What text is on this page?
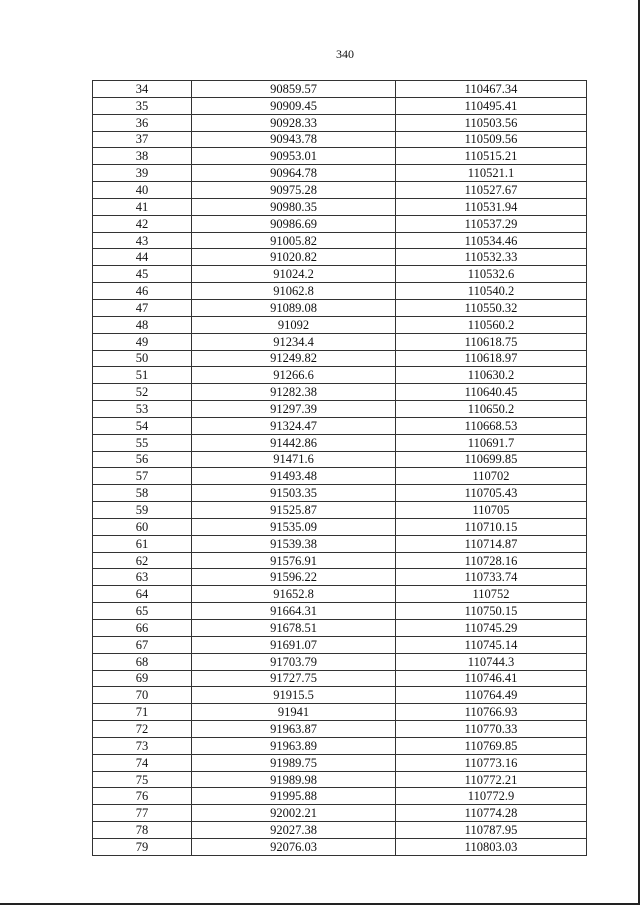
340
34	90859.57	110467.34
35	90909.45	110495.41
36	90928.33	110503.56
37	90943.78	110509.56
38	90953.01	110515.21
39	90964.78	110521.1
40	90975.28	110527.67
41	90980.35	110531.94
42	90986.69	110537.29
43	91005.82	110534.46
44	91020.82	110532.33
45	91024.2	110532.6
46	91062.8	110540.2
47	91089.08	110550.32
48	91092	110560.2
49	91234.4	110618.75
50	91249.82	110618.97
51	91266.6	110630.2
52	91282.38	110640.45
53	91297.39	110650.2
54	91324.47	110668.53
55	91442.86	110691.7
56	91471.6	110699.85
57	91493.48	110702
58	91503.35	110705.43
59	91525.87	110705
60	91535.09	110710.15
61	91539.38	110714.87
62	91576.91	110728.16
63	91596.22	110733.74
64	91652.8	110752
65	91664.31	110750.15
66	91678.51	110745.29
67	91691.07	110745.14
68	91703.79	110744.3
69	91727.75	110746.41
70	91915.5	110764.49
71	91941	110766.93
72	91963.87	110770.33
73	91963.89	110769.85
74	91989.75	110773.16
75	91989.98	110772.21
76	91995.88	110772.9
77	92002.21	110774.28
78	92027.38	110787.95
79	92076.03	110803.03
